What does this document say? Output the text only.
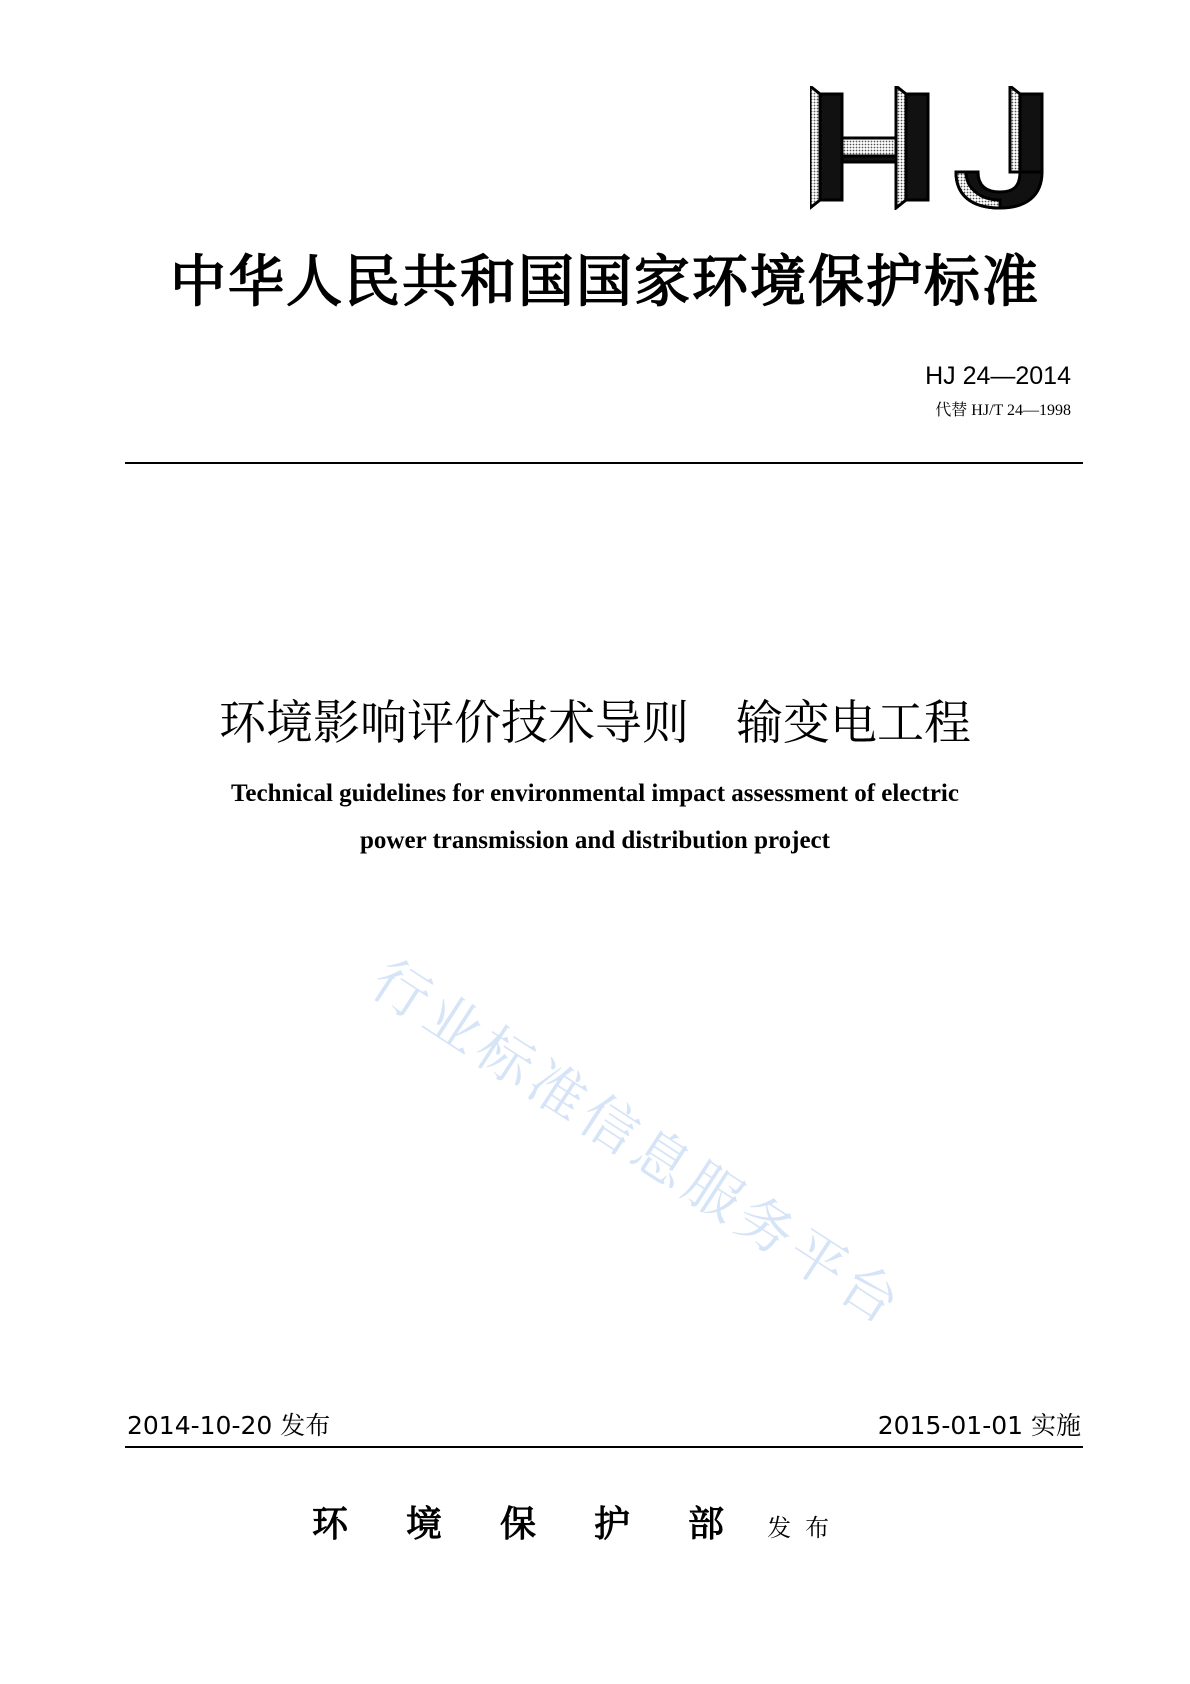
中华人民共和国国家环境保护标准
HJ 24—2014
代替 HJ/T 24—1998
环境影响评价技术导则　输变电工程
Technical guidelines for environmental impact assessment of electric
power transmission and distribution project
行业标准信息服务平台
2014-10-20 发布	2015-01-01 实施
环境保护部 发布
